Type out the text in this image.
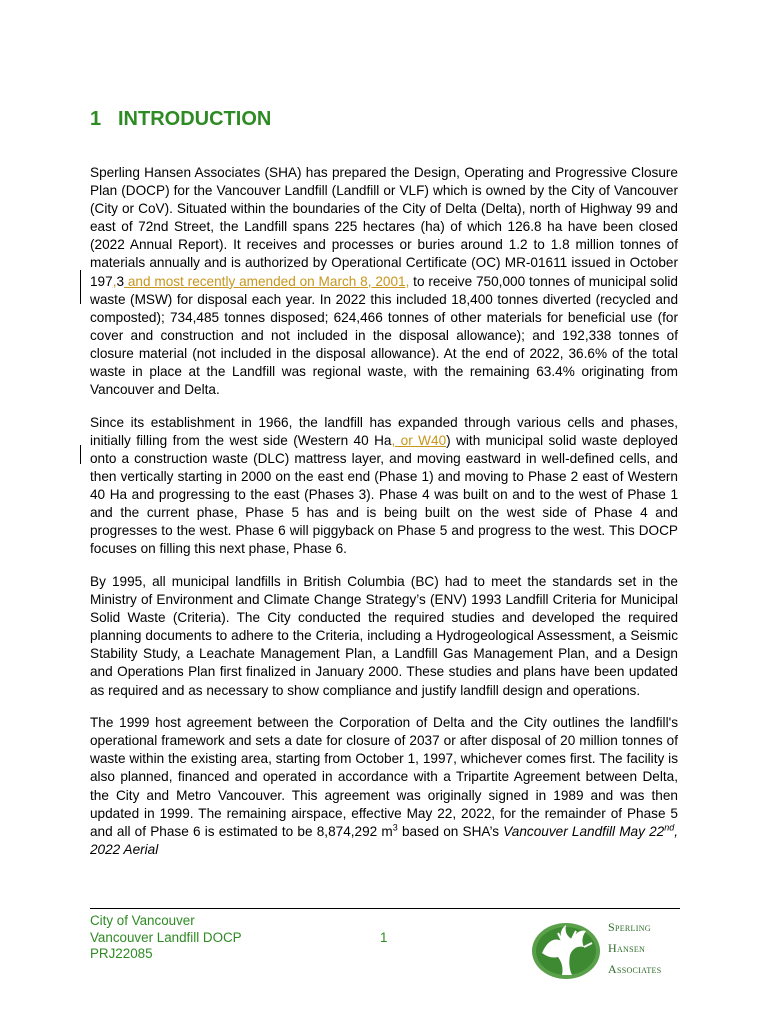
1 INTRODUCTION

Sperling Hansen Associates (SHA) has prepared the Design, Operating and Progressive Closure Plan (DOCP) for the Vancouver Landfill (Landfill or VLF) which is owned by the City of Vancouver (City or CoV). Situated within the boundaries of the City of Delta (Delta), north of Highway 99 and east of 72nd Street, the Landfill spans 225 hectares (ha) of which 126.8 ha have been closed (2022 Annual Report). It receives and processes or buries around 1.2 to 1.8 million tonnes of materials annually and is authorized by Operational Certificate (OC) MR-01611 issued in October 197,3 and most recently amended on March 8, 2001, to receive 750,000 tonnes of municipal solid waste (MSW) for disposal each year. In 2022 this included 18,400 tonnes diverted (recycled and composted); 734,485 tonnes disposed; 624,466 tonnes of other materials for beneficial use (for cover and construction and not included in the disposal allowance); and 192,338 tonnes of closure material (not included in the disposal allowance). At the end of 2022, 36.6% of the total waste in place at the Landfill was regional waste, with the remaining 63.4% originating from Vancouver and Delta.

Since its establishment in 1966, the landfill has expanded through various cells and phases, initially filling from the west side (Western 40 Ha, or W40) with municipal solid waste deployed onto a construction waste (DLC) mattress layer, and moving eastward in well-defined cells, and then vertically starting in 2000 on the east end (Phase 1) and moving to Phase 2 east of Western 40 Ha and progressing to the east (Phases 3). Phase 4 was built on and to the west of Phase 1 and the current phase, Phase 5 has and is being built on the west side of Phase 4 and progresses to the west. Phase 6 will piggyback on Phase 5 and progress to the west. This DOCP focuses on filling this next phase, Phase 6.

By 1995, all municipal landfills in British Columbia (BC) had to meet the standards set in the Ministry of Environment and Climate Change Strategy’s (ENV) 1993 Landfill Criteria for Municipal Solid Waste (Criteria). The City conducted the required studies and developed the required planning documents to adhere to the Criteria, including a Hydrogeological Assessment, a Seismic Stability Study, a Leachate Management Plan, a Landfill Gas Management Plan, and a Design and Operations Plan first finalized in January 2000. These studies and plans have been updated as required and as necessary to show compliance and justify landfill design and operations.

The 1999 host agreement between the Corporation of Delta and the City outlines the landfill's operational framework and sets a date for closure of 2037 or after disposal of 20 million tonnes of waste within the existing area, starting from October 1, 1997, whichever comes first. The facility is also planned, financed and operated in accordance with a Tripartite Agreement between Delta, the City and Metro Vancouver. This agreement was originally signed in 1989 and was then updated in 1999. The remaining airspace, effective May 22, 2022, for the remainder of Phase 5 and all of Phase 6 is estimated to be 8,874,292 $m^3$ based on SHA’s Vancouver Landfill May 22nd, 2022 Aerial

City of Vancouver
Vancouver Landfill DOCP
PRJ22085
1
Sperling
Hansen
Associates
